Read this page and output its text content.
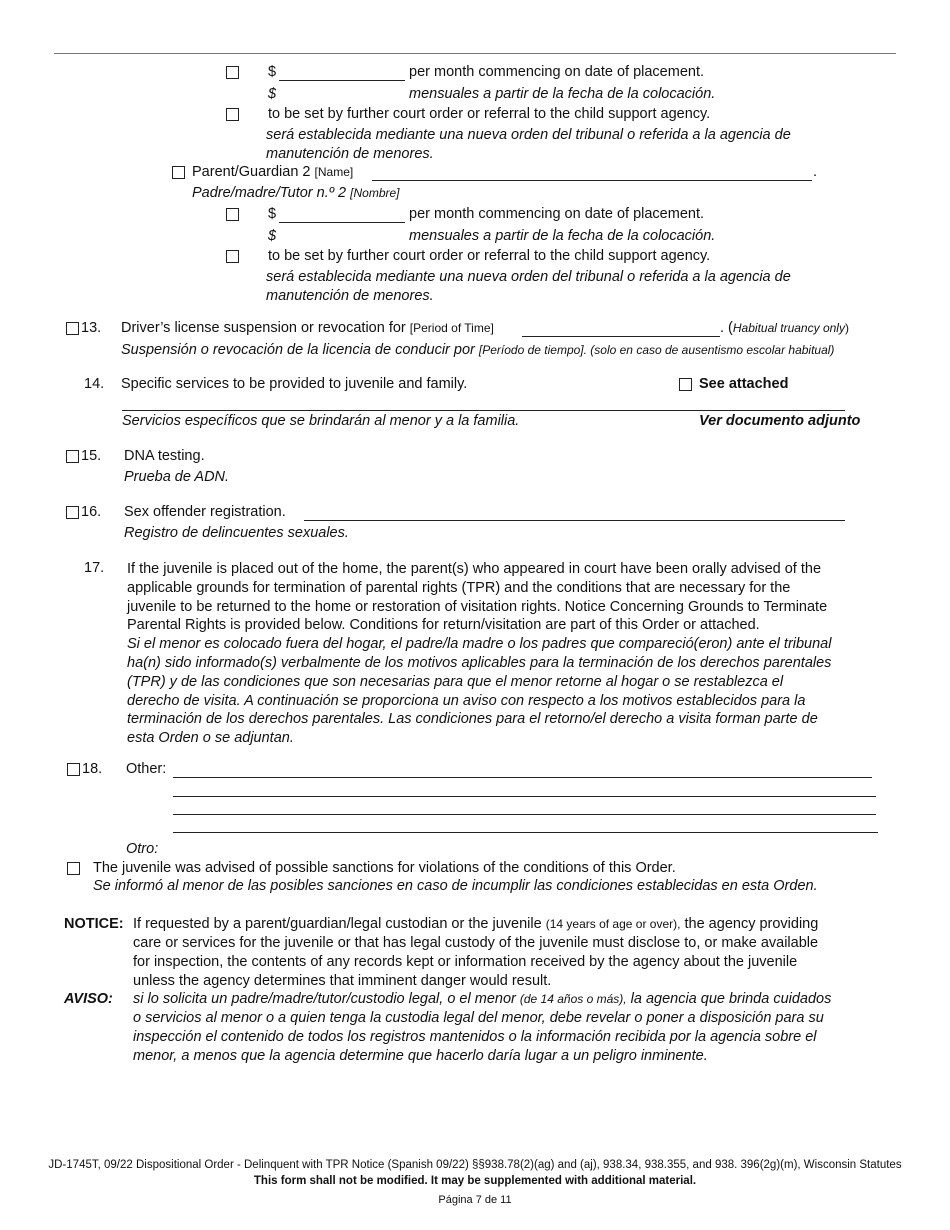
$	per month commencing on date of placement.
$	mensuales a partir de la fecha de la colocación.
to be set by further court order or referral to the child support agency.
será establecida mediante una nueva orden del tribunal o referida a la agencia de
manutención de menores.
Parent/Guardian 2 [Name]	.
Padre/madre/Tutor n.º 2 [Nombre]
$	per month commencing on date of placement.
$	mensuales a partir de la fecha de la colocación.
to be set by further court order or referral to the child support agency.
será establecida mediante una nueva orden del tribunal o referida a la agencia de
manutención de menores.
13. Driver’s license suspension or revocation for [Period of Time]	. (Habitual truancy only)
Suspensión o revocación de la licencia de conducir por [Período de tiempo]. (solo en caso de ausentismo escolar habitual)
14. Specific services to be provided to juvenile and family.	See attached
Servicios específicos que se brindarán al menor y a la familia.	Ver documento adjunto
15. DNA testing.
Prueba de ADN.
16. Sex offender registration.
Registro de delincuentes sexuales.
17. If the juvenile is placed out of the home, the parent(s) who appeared in court have been orally advised of the
applicable grounds for termination of parental rights (TPR) and the conditions that are necessary for the
juvenile to be returned to the home or restoration of visitation rights. Notice Concerning Grounds to Terminate
Parental Rights is provided below. Conditions for return/visitation are part of this Order or attached.
Si el menor es colocado fuera del hogar, el padre/la madre o los padres que compareció(eron) ante el tribunal
ha(n) sido informado(s) verbalmente de los motivos aplicables para la terminación de los derechos parentales
(TPR) y de las condiciones que son necesarias para que el menor retorne al hogar o se restablezca el
derecho de visita. A continuación se proporciona un aviso con respecto a los motivos establecidos para la
terminación de los derechos parentales. Las condiciones para el retorno/el derecho a visita forman parte de
esta Orden o se adjuntan.
18. Other:
Otro:
The juvenile was advised of possible sanctions for violations of the conditions of this Order.
Se informó al menor de las posibles sanciones en caso de incumplir las condiciones establecidas en esta Orden.
NOTICE: If requested by a parent/guardian/legal custodian or the juvenile (14 years of age or over), the agency providing
care or services for the juvenile or that has legal custody of the juvenile must disclose to, or make available
for inspection, the contents of any records kept or information received by the agency about the juvenile
unless the agency determines that imminent danger would result.
AVISO: si lo solicita un padre/madre/tutor/custodio legal, o el menor (de 14 años o más), la agencia que brinda cuidados
o servicios al menor o a quien tenga la custodia legal del menor, debe revelar o poner a disposición para su
inspección el contenido de todos los registros mantenidos o la información recibida por la agencia sobre el
menor, a menos que la agencia determine que hacerlo daría lugar a un peligro inminente.
JD-1745T, 09/22 Dispositional Order - Delinquent with TPR Notice (Spanish 09/22) §§938.78(2)(ag) and (aj), 938.34, 938.355, and 938. 396(2g)(m), Wisconsin Statutes
This form shall not be modified. It may be supplemented with additional material.
Página 7 de 11
